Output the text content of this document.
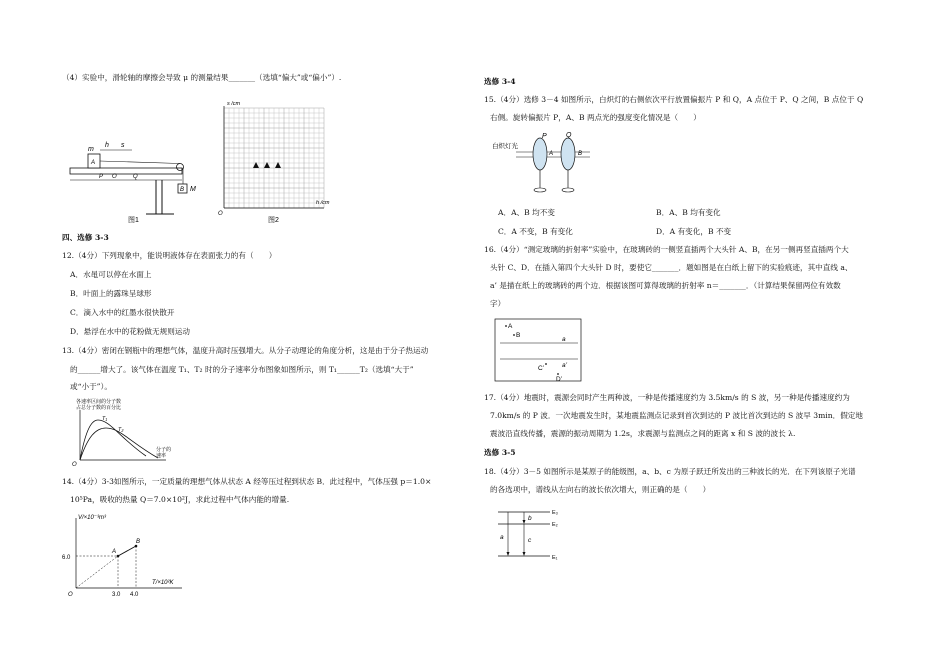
（4）实验中，滑轮轴的摩擦会导致 μ 的测量结果_______（选填“偏大”或“偏小”）.
m
A
h s
P O	Q
B M
图1
s /cm
h /cm
O
图2
四、选修 3-3
12.（4分）下列现象中，能说明液体存在表面张力的有（　　）
A．水黾可以停在水面上
B．叶面上的露珠呈球形
C．滴入水中的红墨水很快散开
D．悬浮在水中的花粉做无规则运动
13.（4分）密闭在钢瓶中的理想气体，温度升高时压强增大。从分子动理论的角度分析，这是由于分子热运动
的______增大了。该气体在温度 T₁、T₂ 时的分子速率分布图象如图所示，则 T₁______T₂（选填“大于”
或“小于”）。
各速率区间的分子数
占总分子数的百分比
T₁
T₂
分子的
速率
O
14.（4分）3-3如图所示，一定质量的理想气体从状态 A 经等压过程到状态 B．此过程中，气体压强 p＝1.0×
10⁵Pa，吸收的热量 Q＝7.0×10²J，求此过程中气体内能的增量.
V/×10⁻³m³
T/×10²K
6.0
3.0 4.0
O
A
B
选修 3-4
15.（4分）选修 3－4 如图所示，白炽灯的右侧依次平行放置偏振片 P 和 Q，A 点位于 P、Q 之间，B 点位于 Q
右侧。旋转偏振片 P，A、B 两点光的强度变化情况是（　　）
白炽灯光
P	Q
A	B
A．A、B 均不变	B．A、B 均有变化
C．A 不变，B 有变化	D．A 有变化，B 不变
16.（4分）“测定玻璃的折射率”实验中，在玻璃砖的一侧竖直插两个大头针 A、B，在另一侧再竖直插两个大
头针 C、D．在插入第四个大头针 D 时，要使它_______．题如图是在白纸上留下的实验痕迹，其中直线 a、
a’ 是描在纸上的玻璃砖的两个边．根据该图可算得玻璃的折射率 n＝_______．（计算结果保留两位有效数
字）
A
B
a
a’
C’
D’
17.（4分）地震时，震源会同时产生两种波，一种是传播速度约为 3.5km/s 的 S 波，另一种是传播速度约为
7.0km/s 的 P 波．一次地震发生时，某地震监测点记录到首次到达的 P 波比首次到达的 S 波早 3min．假定地
震波沿直线传播，震源的振动周期为 1.2s，求震源与监测点之间的距离 x 和 S 波的波长 λ.
选修 3-5
18.（4分）3－5 如图所示是某原子的能级图，a、b、c 为原子跃迁所发出的三种波长的光．在下列该原子光谱
的各选项中，谱线从左向右的波长依次增大，则正确的是（　　）
E₃
E₂
E₁
a
b
c
